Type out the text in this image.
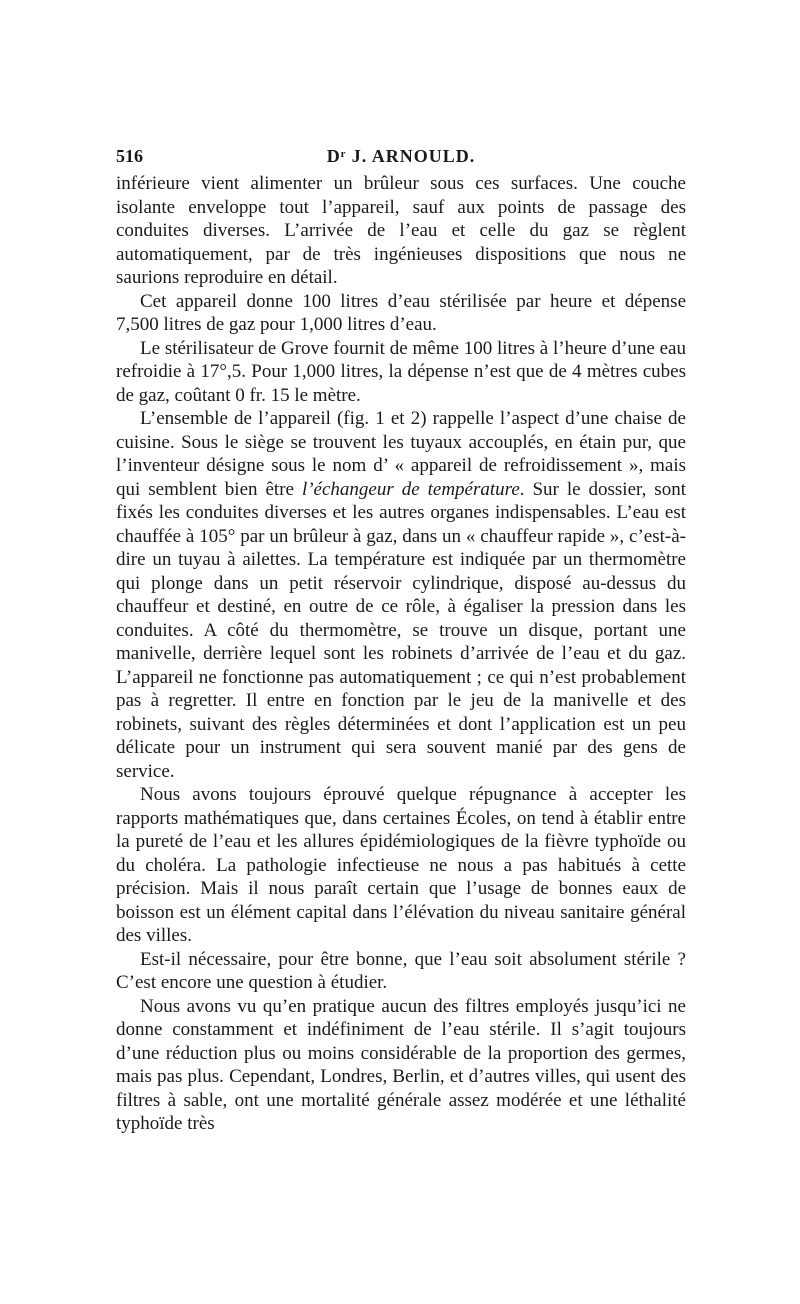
516	Dʳ J. ARNOULD.

inférieure vient alimenter un brûleur sous ces surfaces. Une couche isolante enveloppe tout l’appareil, sauf aux points de passage des conduites diverses. L’arrivée de l’eau et celle du gaz se règlent automatiquement, par de très ingénieuses dispositions que nous ne saurions reproduire en détail.

Cet appareil donne 100 litres d’eau stérilisée par heure et dépense 7,500 litres de gaz pour 1,000 litres d’eau.

Le stérilisateur de Grove fournit de même 100 litres à l’heure d’une eau refroidie à 17°,5. Pour 1,000 litres, la dépense n’est que de 4 mètres cubes de gaz, coûtant 0 fr. 15 le mètre.

L’ensemble de l’appareil (fig. 1 et 2) rappelle l’aspect d’une chaise de cuisine. Sous le siège se trouvent les tuyaux accouplés, en étain pur, que l’inventeur désigne sous le nom d’ « appareil de refroidissement », mais qui semblent bien être l’échangeur de température. Sur le dossier, sont fixés les conduites diverses et les autres organes indispensables. L’eau est chauffée à 105° par un brûleur à gaz, dans un « chauffeur rapide », c’est-à-dire un tuyau à ailettes. La température est indiquée par un thermomètre qui plonge dans un petit réservoir cylindrique, disposé au-dessus du chauffeur et destiné, en outre de ce rôle, à égaliser la pression dans les conduites. A côté du thermomètre, se trouve un disque, portant une manivelle, derrière lequel sont les robinets d’arrivée de l’eau et du gaz. L’appareil ne fonctionne pas automatiquement ; ce qui n’est probablement pas à regretter. Il entre en fonction par le jeu de la manivelle et des robinets, suivant des règles déterminées et dont l’application est un peu délicate pour un instrument qui sera souvent manié par des gens de service.

Nous avons toujours éprouvé quelque répugnance à accepter les rapports mathématiques que, dans certaines Écoles, on tend à établir entre la pureté de l’eau et les allures épidémiologiques de la fièvre typhoïde ou du choléra. La pathologie infectieuse ne nous a pas habitués à cette précision. Mais il nous paraît certain que l’usage de bonnes eaux de boisson est un élément capital dans l’élévation du niveau sanitaire général des villes.

Est-il nécessaire, pour être bonne, que l’eau soit absolument stérile ? C’est encore une question à étudier.

Nous avons vu qu’en pratique aucun des filtres employés jusqu’ici ne donne constamment et indéfiniment de l’eau stérile. Il s’agit toujours d’une réduction plus ou moins considérable de la proportion des germes, mais pas plus. Cependant, Londres, Berlin, et d’autres villes, qui usent des filtres à sable, ont une mortalité générale assez modérée et une léthalité typhoïde très
